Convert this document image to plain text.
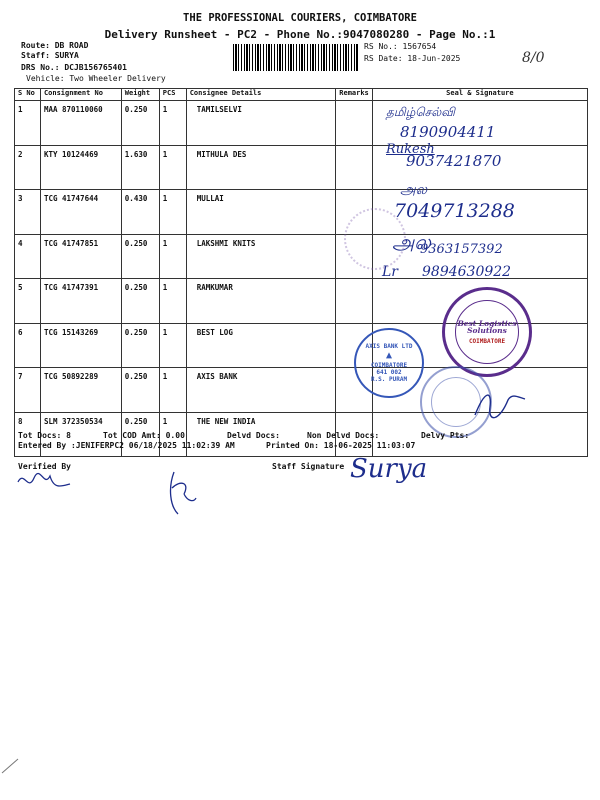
THE PROFESSIONAL COURIERS, COIMBATORE
Delivery Runsheet - PC2 - Phone No.:9047080280 - Page No.:1
Route: DB ROAD
Staff: SURYA
DRS No.: DCJB156765401
Vehicle: Two Wheeler Delivery
RS No.: 1567654
RS Date: 18-Jun-2025	8/0
S No	Consignment No	Weight	PCS	Consignee Details	Remarks	Seal & Signature
1	MAA 870110060	0.250	1	TAMILSELVI		
2	KTY 10124469	1.630	1	MITHULA DES		
3	TCG 41747644	0.430	1	MULLAI		
4	TCG 41747851	0.250	1	LAKSHMI KNITS		
5	TCG 41747391	0.250	1	RAMKUMAR		
6	TCG 15143269	0.250	1	BEST LOG		
7	TCG 50892289	0.250	1	AXIS BANK		
8	SLM 372350534	0.250	1	THE NEW INDIA		
தமிழ்செல்வி
8190904411
Rukesh
9037421870
அல
7049713288
அல
9363157392
Lr 9894630922
Best Logistics Solutions
COIMBATORE
AXIS BANK LTD
▲
COIMBATORE
641 002
R.S. PURAM
Tot Docs: 8	Tot COD Amt: 0.00	Delvd Docs:	Non Delvd Docs:	Delvy Pts:
Entered By :JENIFERPC2 06/18/2025 11:02:39 AM	Printed On: 18-06-2025 11:03:07
Verified By	Staff Signature Surya
